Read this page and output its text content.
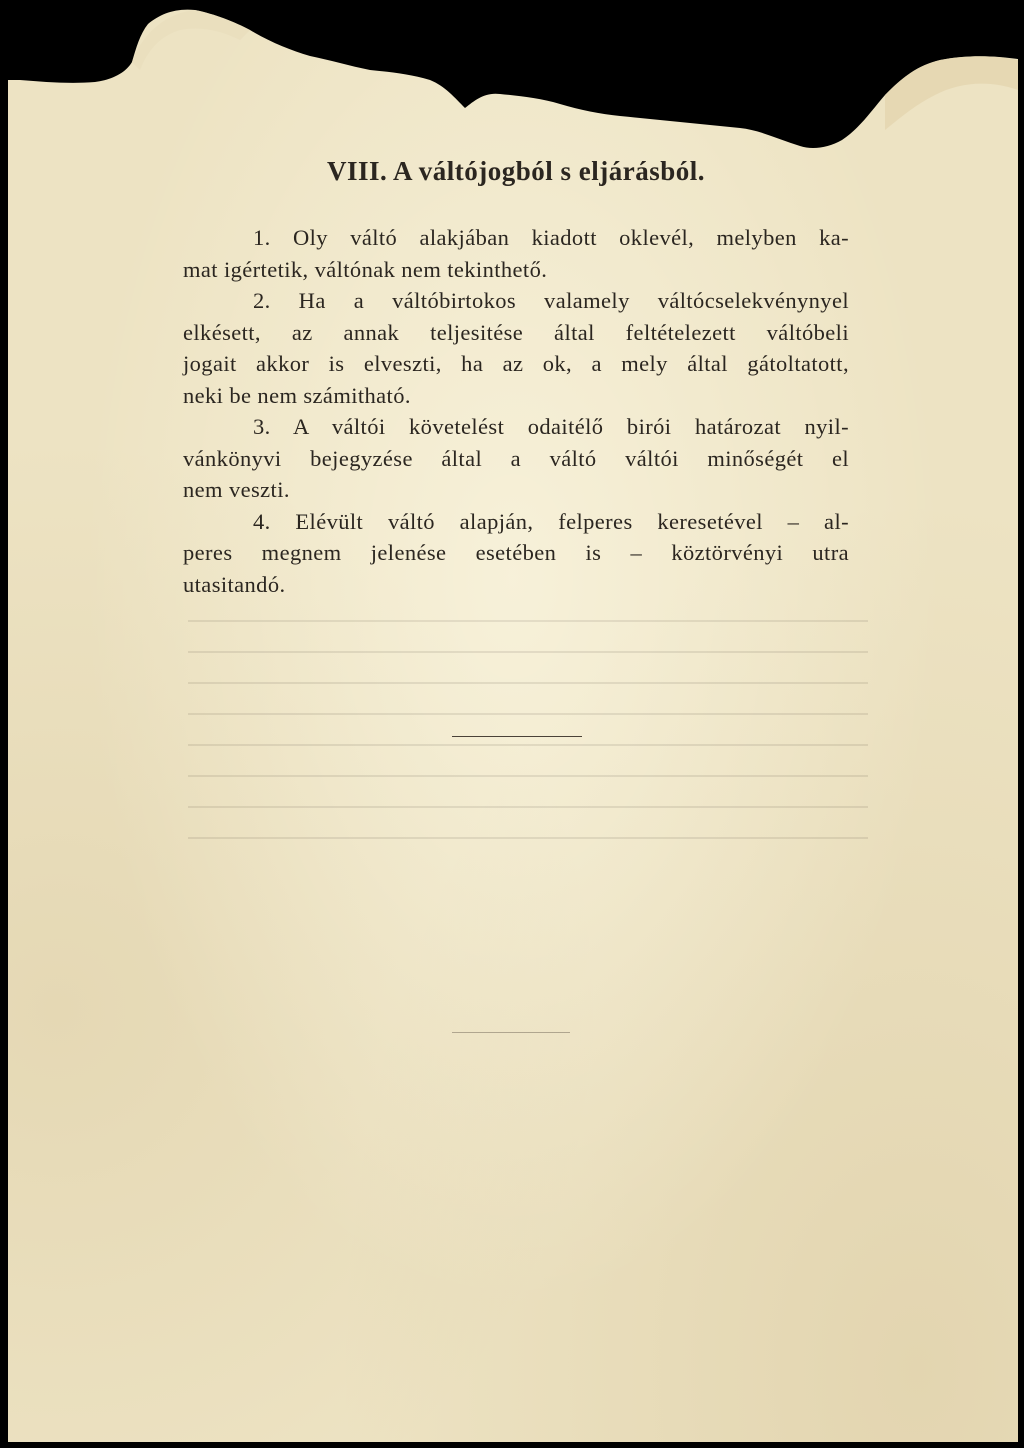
VIII. A váltójogból s eljárásból.
1. Oly váltó alakjában kiadott oklevél, melyben ka-
mat igértetik, váltónak nem tekinthető.
2. Ha a váltóbirtokos valamely váltócselekvénynyel
elkésett, az annak teljesitése által feltételezett váltóbeli
jogait akkor is elveszti, ha az ok, a mely által gátoltatott,
neki be nem számitható.
3. A váltói követelést odaitélő birói határozat nyil-
vánkönyvi bejegyzése által a váltó váltói minőségét el
nem veszti.
4. Elévült váltó alapján, felperes keresetével – al-
peres megnem jelenése esetében is – köztörvényi utra
utasitandó.
